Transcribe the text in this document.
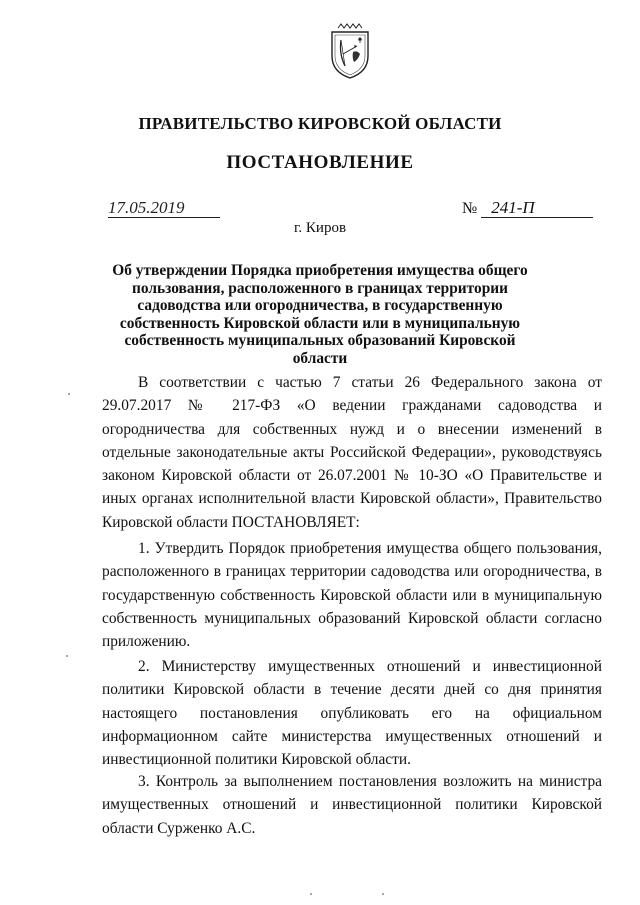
ПРАВИТЕЛЬСТВО КИРОВСКОЙ ОБЛАСТИ
ПОСТАНОВЛЕНИЕ
17.05.2019	№ 241-П
г. Киров
Об утверждении Порядка приобретения имущества общего пользования, расположенного в границах территории садоводства или огородничества, в государственную собственность Кировской области или в муниципальную собственность муниципальных образований Кировской области
В соответствии с частью 7 статьи 26 Федерального закона от 29.07.2017 № 217-ФЗ «О ведении гражданами садоводства и огородничества для собственных нужд и о внесении изменений в отдельные законодательные акты Российской Федерации», руководствуясь законом Кировской области от 26.07.2001 № 10-ЗО «О Правительстве и иных органах исполнительной власти Кировской области», Правительство Кировской области ПОСТАНОВЛЯЕТ:
1. Утвердить Порядок приобретения имущества общего пользования, расположенного в границах территории садоводства или огородничества, в государственную собственность Кировской области или в муниципальную собственность муниципальных образований Кировской области согласно приложению.
2. Министерству имущественных отношений и инвестиционной политики Кировской области в течение десяти дней со дня принятия настоящего постановления опубликовать его на официальном информационном сайте министерства имущественных отношений и инвестиционной политики Кировской области.
3. Контроль за выполнением постановления возложить на министра имущественных отношений и инвестиционной политики Кировской области Сурженко А.С.
